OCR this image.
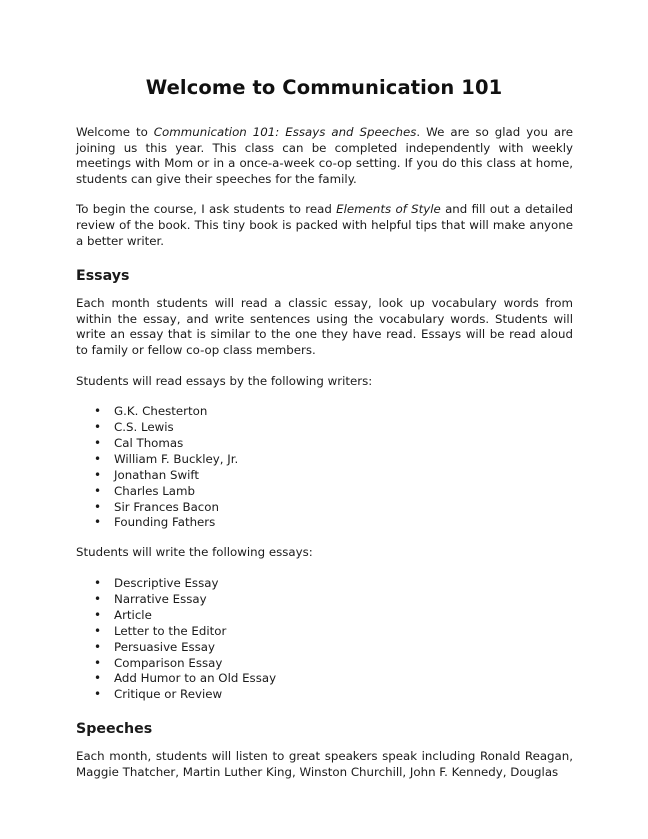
Welcome to Communication 101

Welcome to Communication 101: Essays and Speeches. We are so glad you are joining us this year. This class can be completed independently with weekly meetings with Mom or in a once-a-week co-op setting. If you do this class at home, students can give their speeches for the family.

To begin the course, I ask students to read Elements of Style and fill out a detailed review of the book. This tiny book is packed with helpful tips that will make anyone a better writer.

Essays

Each month students will read a classic essay, look up vocabulary words from within the essay, and write sentences using the vocabulary words. Students will write an essay that is similar to the one they have read. Essays will be read aloud to family or fellow co-op class members.

Students will read essays by the following writers:

• G.K. Chesterton
• C.S. Lewis
• Cal Thomas
• William F. Buckley, Jr.
• Jonathan Swift
• Charles Lamb
• Sir Frances Bacon
• Founding Fathers

Students will write the following essays:

• Descriptive Essay
• Narrative Essay
• Article
• Letter to the Editor
• Persuasive Essay
• Comparison Essay
• Add Humor to an Old Essay
• Critique or Review
Speeches

Each month, students will listen to great speakers speak including Ronald Reagan, Maggie Thatcher, Martin Luther King, Winston Churchill, John F. Kennedy, Douglas
